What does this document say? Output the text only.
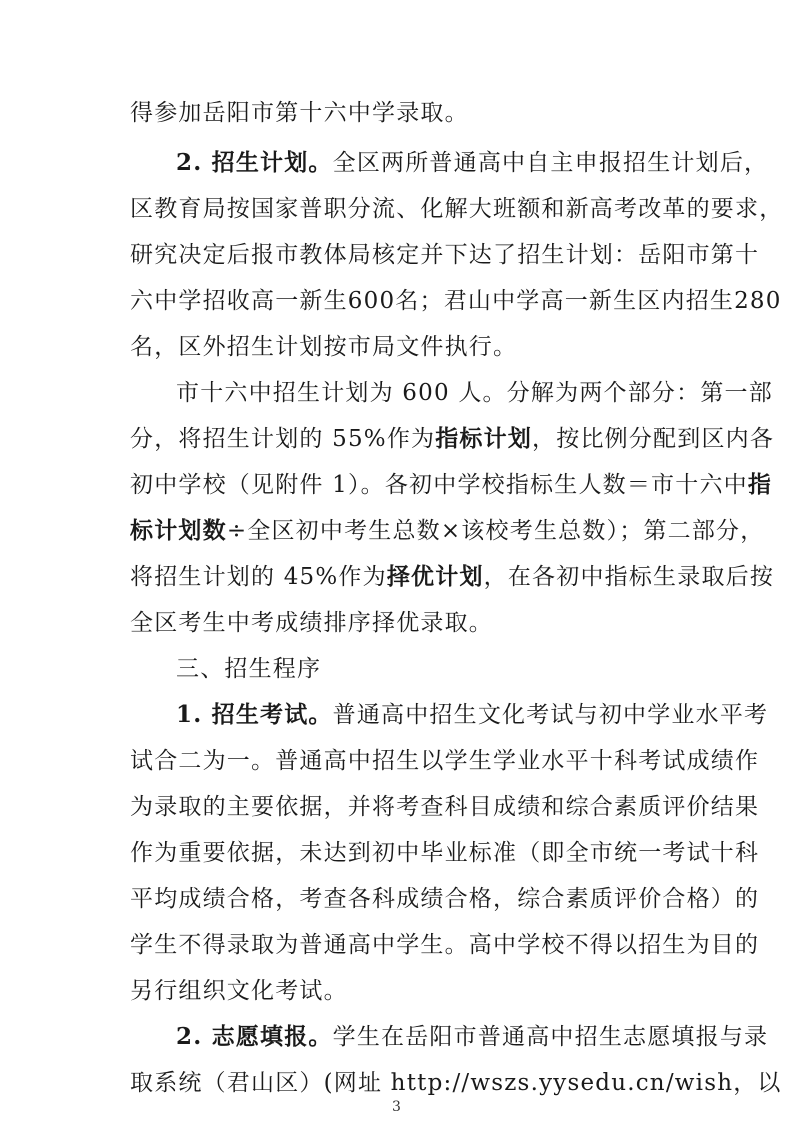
得参加岳阳市第十六中学录取。
2. 招生计划。全区两所普通高中自主申报招生计划后，
区教育局按国家普职分流、化解大班额和新高考改革的要求，
研究决定后报市教体局核定并下达了招生计划：岳阳市第十
六中学招收高一新生600名；君山中学高一新生区内招生280
名，区外招生计划按市局文件执行。
市十六中招生计划为 600 人。分解为两个部分：第一部
分，将招生计划的 55%作为指标计划，按比例分配到区内各
初中学校（见附件 1）。各初中学校指标生人数＝市十六中指
标计划数÷全区初中考生总数×该校考生总数）；第二部分，
将招生计划的 45%作为择优计划，在各初中指标生录取后按
全区考生中考成绩排序择优录取。
三、招生程序
1. 招生考试。普通高中招生文化考试与初中学业水平考
试合二为一。普通高中招生以学生学业水平十科考试成绩作
为录取的主要依据，并将考查科目成绩和综合素质评价结果
作为重要依据，未达到初中毕业标准（即全市统一考试十科
平均成绩合格，考查各科成绩合格，综合素质评价合格）的
学生不得录取为普通高中学生。高中学校不得以招生为目的
另行组织文化考试。
2. 志愿填报。学生在岳阳市普通高中招生志愿填报与录
取系统（君山区）(网址 http://wszs.yysedu.cn/wish，以
3
